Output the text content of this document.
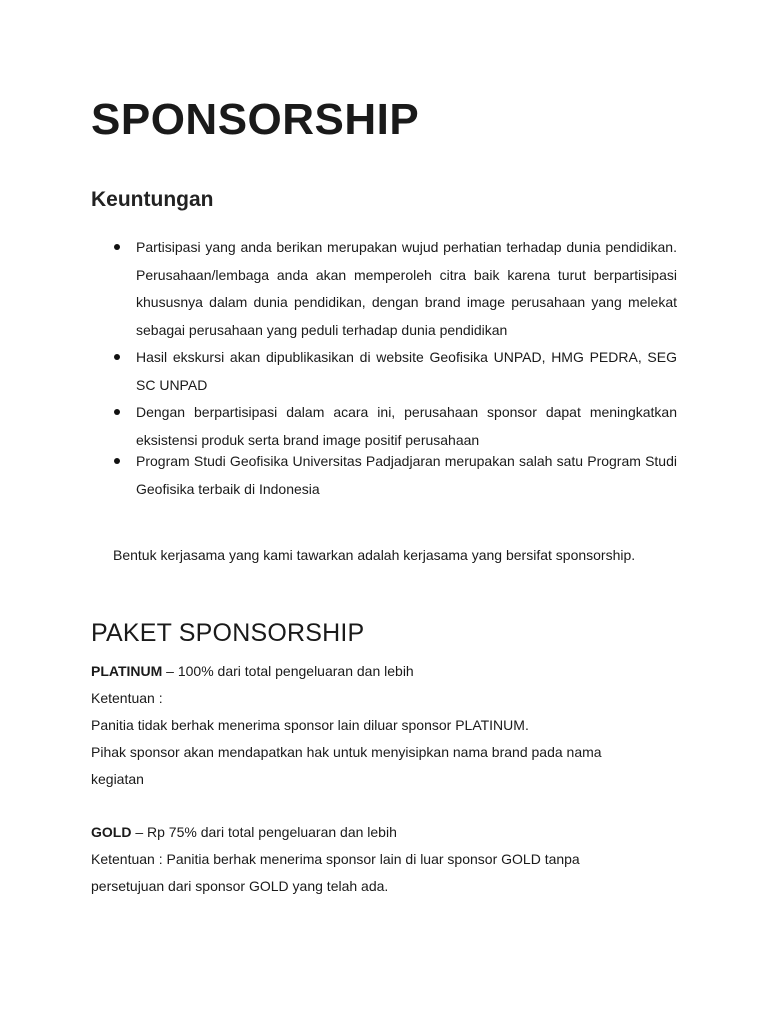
SPONSORSHIP
Keuntungan
Partisipasi yang anda berikan merupakan wujud perhatian terhadap dunia pendidikan. Perusahaan/lembaga anda akan memperoleh citra baik karena turut berpartisipasi khususnya dalam dunia pendidikan, dengan brand image perusahaan yang melekat sebagai perusahaan yang peduli terhadap dunia pendidikan
Hasil ekskursi akan dipublikasikan di website Geofisika UNPAD, HMG PEDRA, SEG SC UNPAD
Dengan berpartisipasi dalam acara ini, perusahaan sponsor dapat meningkatkan eksistensi produk serta brand image positif perusahaan
Program Studi Geofisika Universitas Padjadjaran merupakan salah satu Program Studi Geofisika terbaik di Indonesia

Bentuk kerjasama yang kami tawarkan adalah kerjasama yang bersifat sponsorship.

PAKET SPONSORSHIP

PLATINUM – 100% dari total pengeluaran dan lebih

Ketentuan :

Panitia tidak berhak menerima sponsor lain diluar sponsor PLATINUM.

Pihak sponsor akan mendapatkan hak untuk menyisipkan nama brand pada nama kegiatan

GOLD – Rp 75% dari total pengeluaran dan lebih

Ketentuan : Panitia berhak menerima sponsor lain di luar sponsor GOLD tanpa persetujuan dari sponsor GOLD yang telah ada.
